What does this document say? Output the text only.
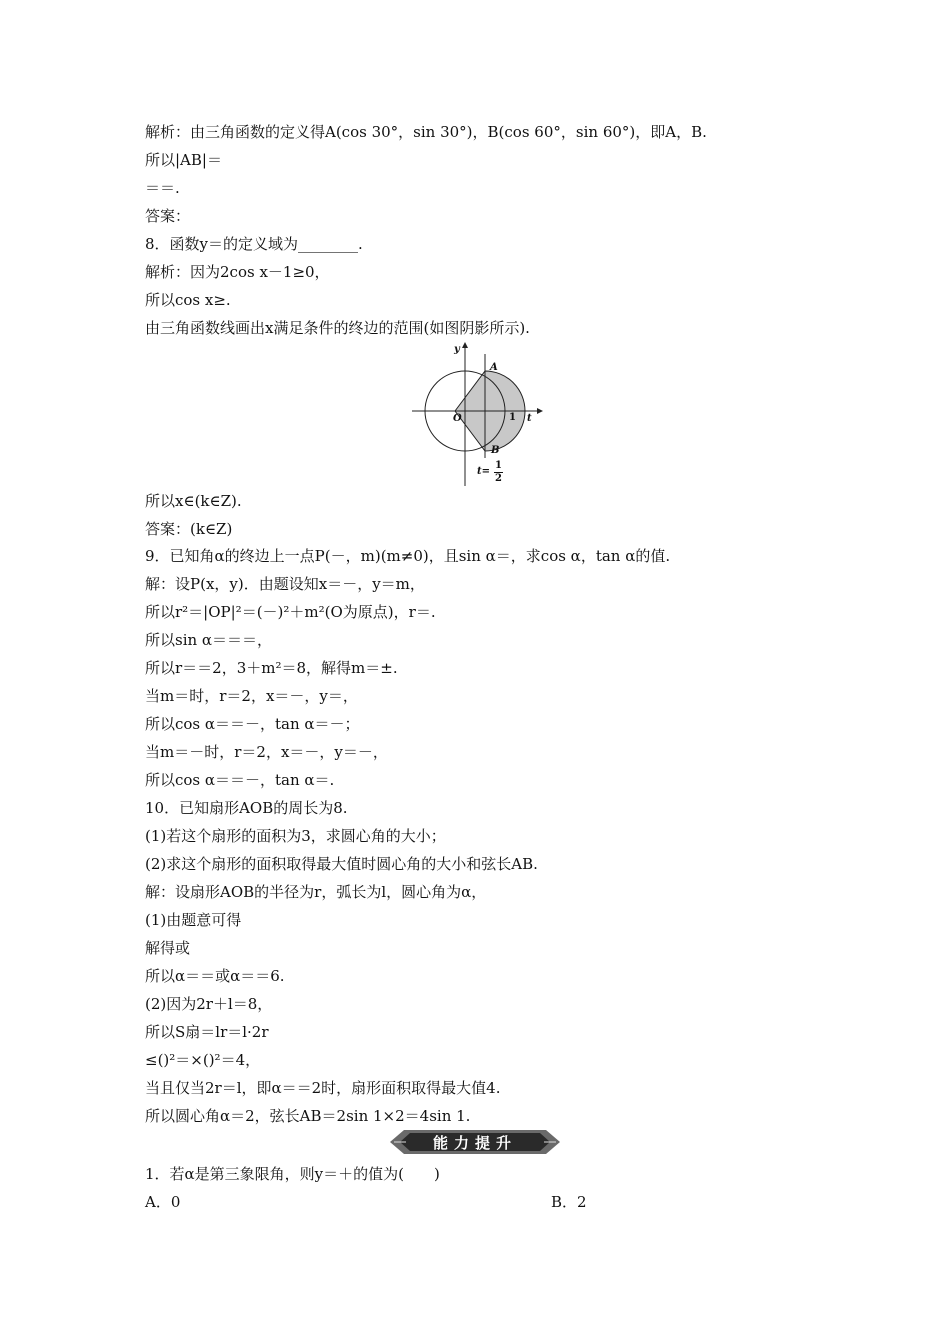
解析：由三角函数的定义得A(cos 30°，sin 30°)，B(cos 60°，sin 60°)，即A，B.
所以|AB|＝
＝＝.
答案：
8．函数y＝的定义域为________.
解析：因为2cos x－1≥0，
所以cos x≥.
由三角函数线画出x满足条件的终边的范围(如图阴影所示).
y
t
O	1
A
B
t=
1
2
所以x∈(k∈Z).
答案：(k∈Z)
9．已知角α的终边上一点P(－，m)(m≠0)，且sin α＝，求cos α，tan α的值.
解：设P(x，y)．由题设知x＝－，y＝m，
所以r²＝|OP|²＝(－)²＋m²(O为原点)，r＝.
所以sin α＝＝＝，
所以r＝＝2，3＋m²＝8，解得m＝±.
当m＝时，r＝2，x＝－，y＝，
所以cos α＝＝－，tan α＝－；
当m＝－时，r＝2，x＝－，y＝－，
所以cos α＝＝－，tan α＝.
10．已知扇形AOB的周长为8.
(1)若这个扇形的面积为3，求圆心角的大小；
(2)求这个扇形的面积取得最大值时圆心角的大小和弦长AB.
解：设扇形AOB的半径为r，弧长为l，圆心角为α，
(1)由题意可得
解得或
所以α＝＝或α＝＝6.
(2)因为2r＋l＝8，
所以S扇＝lr＝l·2r
≤()²＝×()²＝4，
当且仅当2r＝l，即α＝＝2时，扇形面积取得最大值4.
所以圆心角α＝2，弦长AB＝2sin 1×2＝4sin 1.
能力提升
1．若α是第三象限角，则y＝＋的值为(　　)
A．0	B．2
